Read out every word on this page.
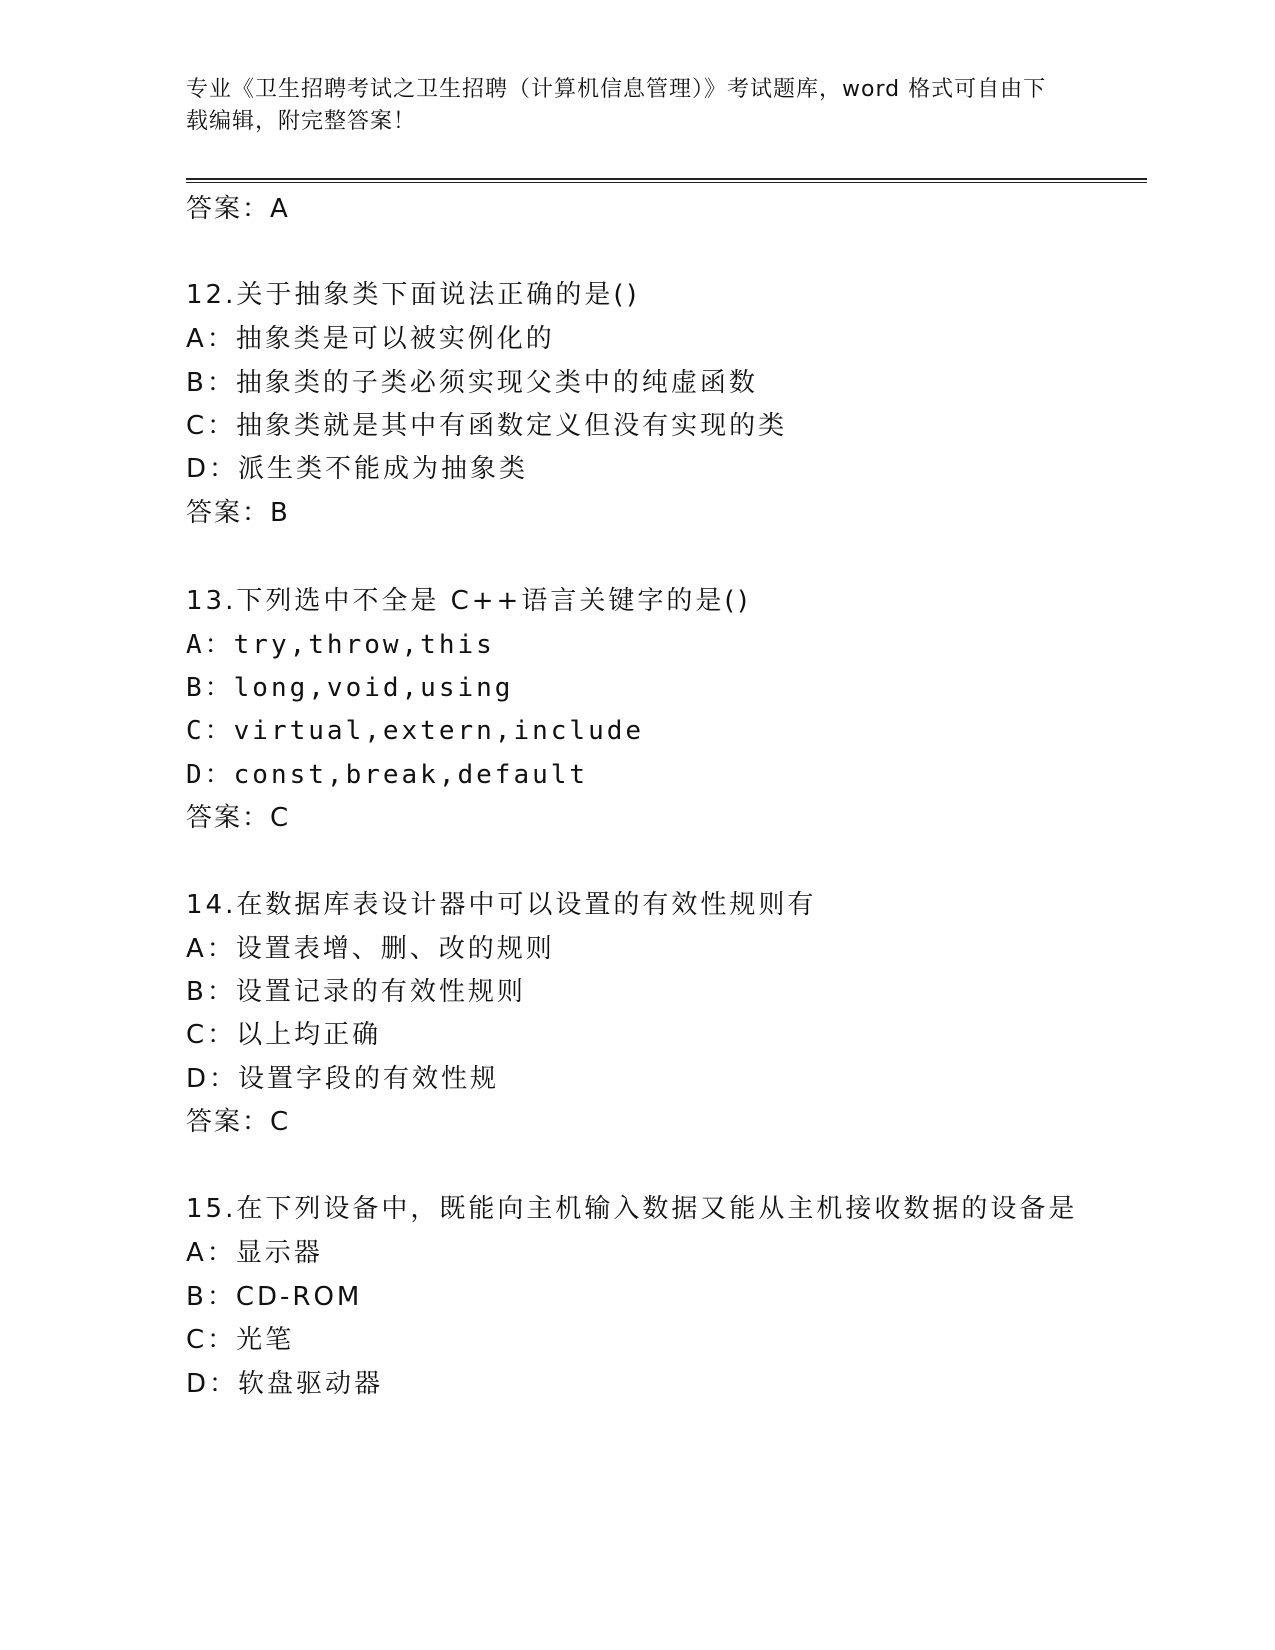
专业《卫生招聘考试之卫生招聘（计算机信息管理）》考试题库，word 格式可自由下载编辑，附完整答案！
答案：A
12.关于抽象类下面说法正确的是()
A：抽象类是可以被实例化的
B：抽象类的子类必须实现父类中的纯虚函数
C：抽象类就是其中有函数定义但没有实现的类
D：派生类不能成为抽象类
答案：B
13.下列选中不全是 C++语言关键字的是()
A：try,throw,this
B：long,void,using
C：virtual,extern,include
D：const,break,default
答案：C
14.在数据库表设计器中可以设置的有效性规则有
A：设置表增、删、改的规则
B：设置记录的有效性规则
C：以上均正确
D：设置字段的有效性规
答案：C
15.在下列设备中，既能向主机输入数据又能从主机接收数据的设备是
A：显示器
B：CD-ROM
C：光笔
D：软盘驱动器
